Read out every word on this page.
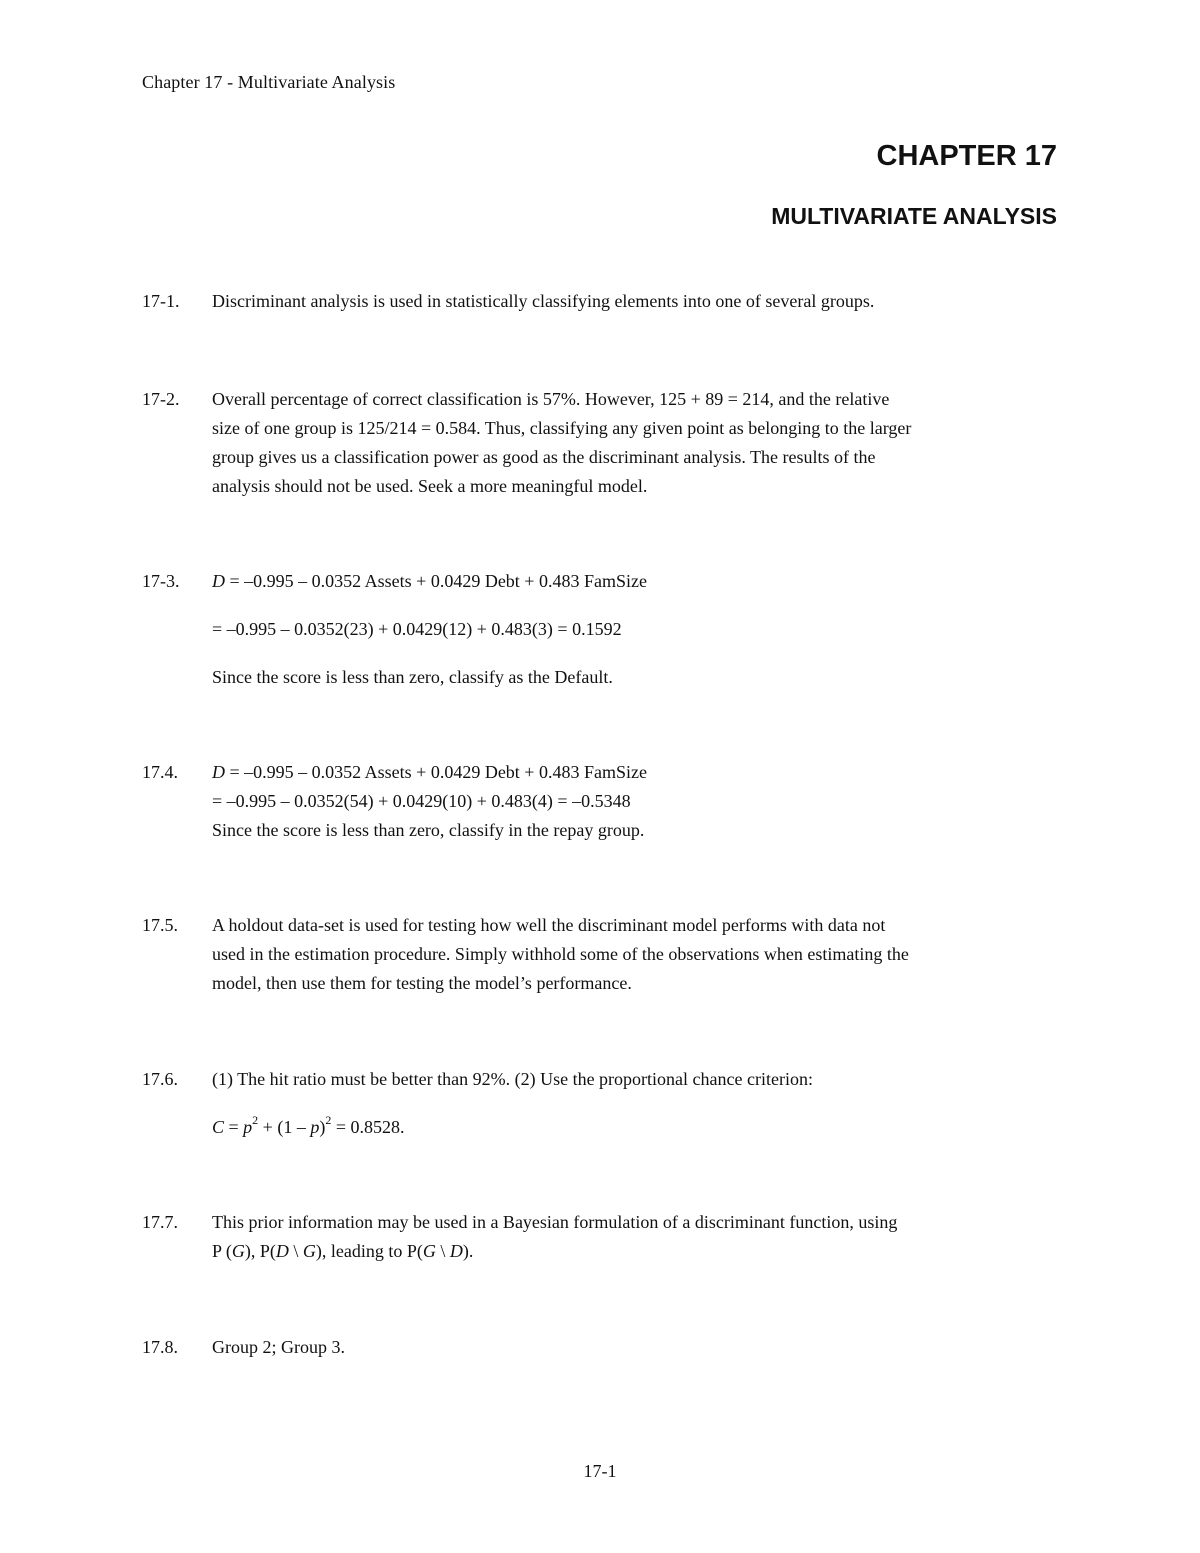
Chapter 17 - Multivariate Analysis
CHAPTER 17
MULTIVARIATE ANALYSIS
17-1.	Discriminant analysis is used in statistically classifying elements into one of several groups.

17-2.	Overall percentage of correct classification is 57%. However, 125 + 89 = 214, and the relative
size of one group is 125/214 = 0.584. Thus, classifying any given point as belonging to the larger
group gives us a classification power as good as the discriminant analysis. The results of the
analysis should not be used. Seek a more meaningful model.
17-3.	D = –0.995 – 0.0352 Assets + 0.0429 Debt + 0.483 FamSize
= –0.995 – 0.0352(23) + 0.0429(12) + 0.483(3) = 0.1592
Since the score is less than zero, classify as the Default.
17.4.	D = –0.995 – 0.0352 Assets + 0.0429 Debt + 0.483 FamSize
= –0.995 – 0.0352(54) + 0.0429(10) + 0.483(4) = –0.5348
Since the score is less than zero, classify in the repay group.
17.5.	A holdout data-set is used for testing how well the discriminant model performs with data not
used in the estimation procedure. Simply withhold some of the observations when estimating the
model, then use them for testing the model’s performance.
17.6.	(1) The hit ratio must be better than 92%. (2) Use the proportional chance criterion:
$C = p^2 + (1 - p)^2 = 0.8528$.
17.7.	This prior information may be used in a Bayesian formulation of a discriminant function, using
P (G), P(D \ G), leading to P(G \ D).
17.8.	Group 2; Group 3.
17-1
